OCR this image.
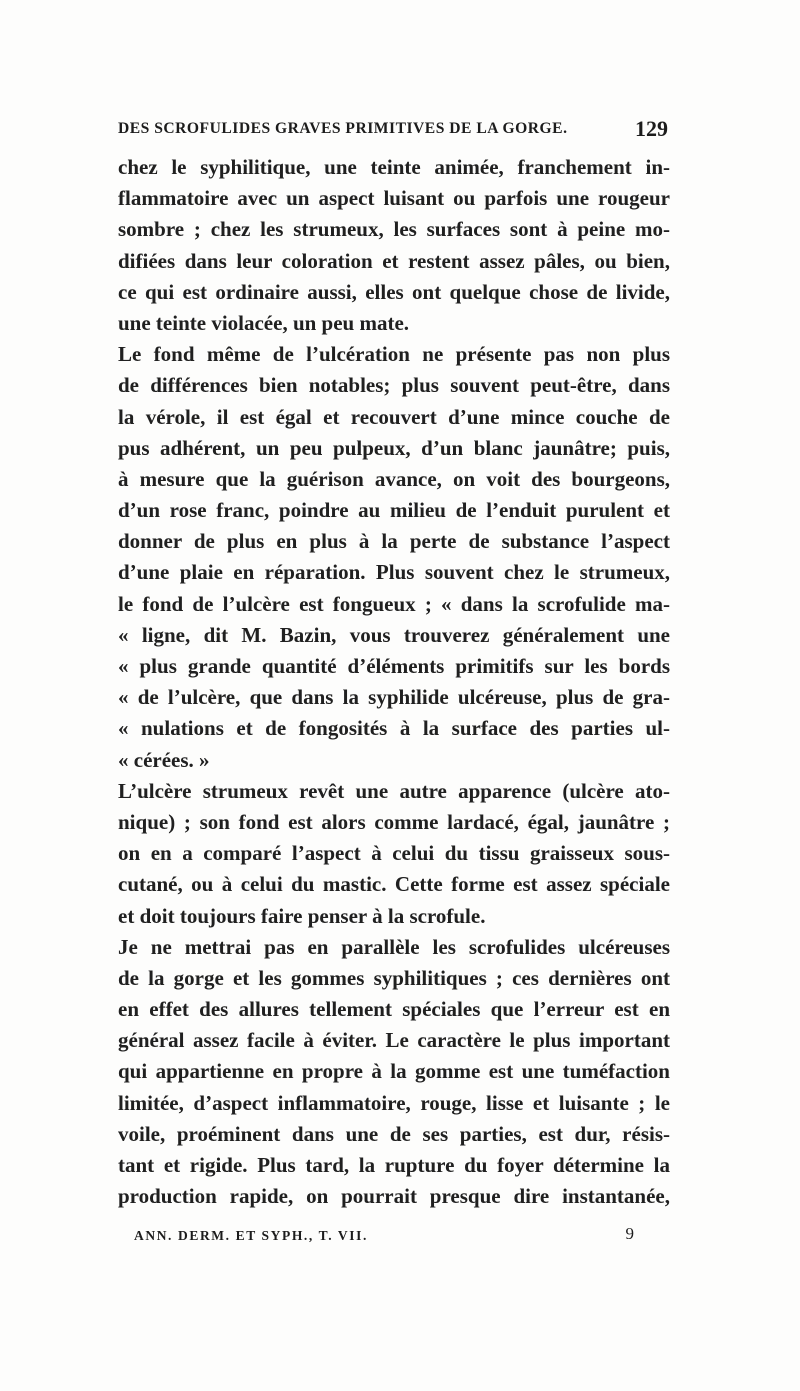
DES SCROFULIDES GRAVES PRIMITIVES DE LA GORGE.	129
chez le syphilitique, une teinte animée, franchement in-
flammatoire avec un aspect luisant ou parfois une rougeur
sombre ; chez les strumeux, les surfaces sont à peine mo-
difiées dans leur coloration et restent assez pâles, ou bien,
ce qui est ordinaire aussi, elles ont quelque chose de livide,
une teinte violacée, un peu mate.
Le fond même de l’ulcération ne présente pas non plus
de différences bien notables; plus souvent peut-être, dans
la vérole, il est égal et recouvert d’une mince couche de
pus adhérent, un peu pulpeux, d’un blanc jaunâtre; puis,
à mesure que la guérison avance, on voit des bourgeons,
d’un rose franc, poindre au milieu de l’enduit purulent et
donner de plus en plus à la perte de substance l’aspect
d’une plaie en réparation. Plus souvent chez le strumeux,
le fond de l’ulcère est fongueux ; « dans la scrofulide ma-
« ligne, dit M. Bazin, vous trouverez généralement une
« plus grande quantité d’éléments primitifs sur les bords
« de l’ulcère, que dans la syphilide ulcéreuse, plus de gra-
« nulations et de fongosités à la surface des parties ul-
« cérées. »
L’ulcère strumeux revêt une autre apparence (ulcère ato-
nique) ; son fond est alors comme lardacé, égal, jaunâtre ;
on en a comparé l’aspect à celui du tissu graisseux sous-
cutané, ou à celui du mastic. Cette forme est assez spéciale
et doit toujours faire penser à la scrofule.
Je ne mettrai pas en parallèle les scrofulides ulcéreuses
de la gorge et les gommes syphilitiques ; ces dernières ont
en effet des allures tellement spéciales que l’erreur est en
général assez facile à éviter. Le caractère le plus important
qui appartienne en propre à la gomme est une tuméfaction
limitée, d’aspect inflammatoire, rouge, lisse et luisante ; le
voile, proéminent dans une de ses parties, est dur, résis-
tant et rigide. Plus tard, la rupture du foyer détermine la
production rapide, on pourrait presque dire instantanée,
ANN. DERM. ET SYPH., T. VII.	9
